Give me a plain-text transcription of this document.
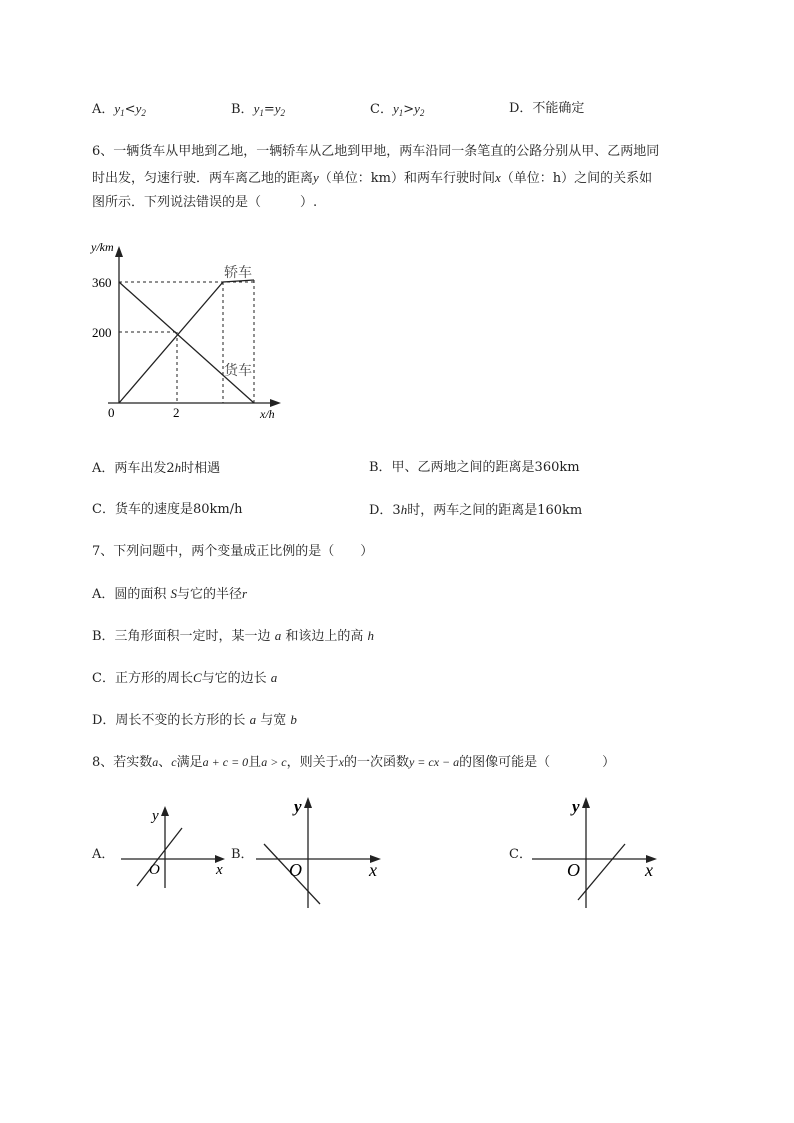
A．$y_1<y_2$	B．$y_1=y_2$	C．$y_1>y_2$	D．不能确定
6、一辆货车从甲地到乙地，一辆轿车从乙地到甲地，两车沿同一条笔直的公路分别从甲、乙两地同
时出发，匀速行驶．两车离乙地的距离y（单位：km）和两车行驶时间x（单位：h）之间的关系如
图所示．下列说法错误的是（　　　）.
y/km
x/h
360
200
0	2
轿车
货车
A．两车出发2h时相遇	B．甲、乙两地之间的距离是360km
C．货车的速度是80km/h	D．3h时，两车之间的距离是160km
7、下列问题中，两个变量成正比例的是（　　）
A．圆的面积 S与它的半径r
B．三角形面积一定时，某一边 a 和该边上的高 h
C．正方形的周长C与它的边长 a
D．周长不变的长方形的长 a 与宽 b
8、若实数a、c满足a + c = 0且a > c，则关于x的一次函数y = cx − a的图像可能是（　　　　）
A．
y
x
O
B．
y
x
O
C．
y
x
O
